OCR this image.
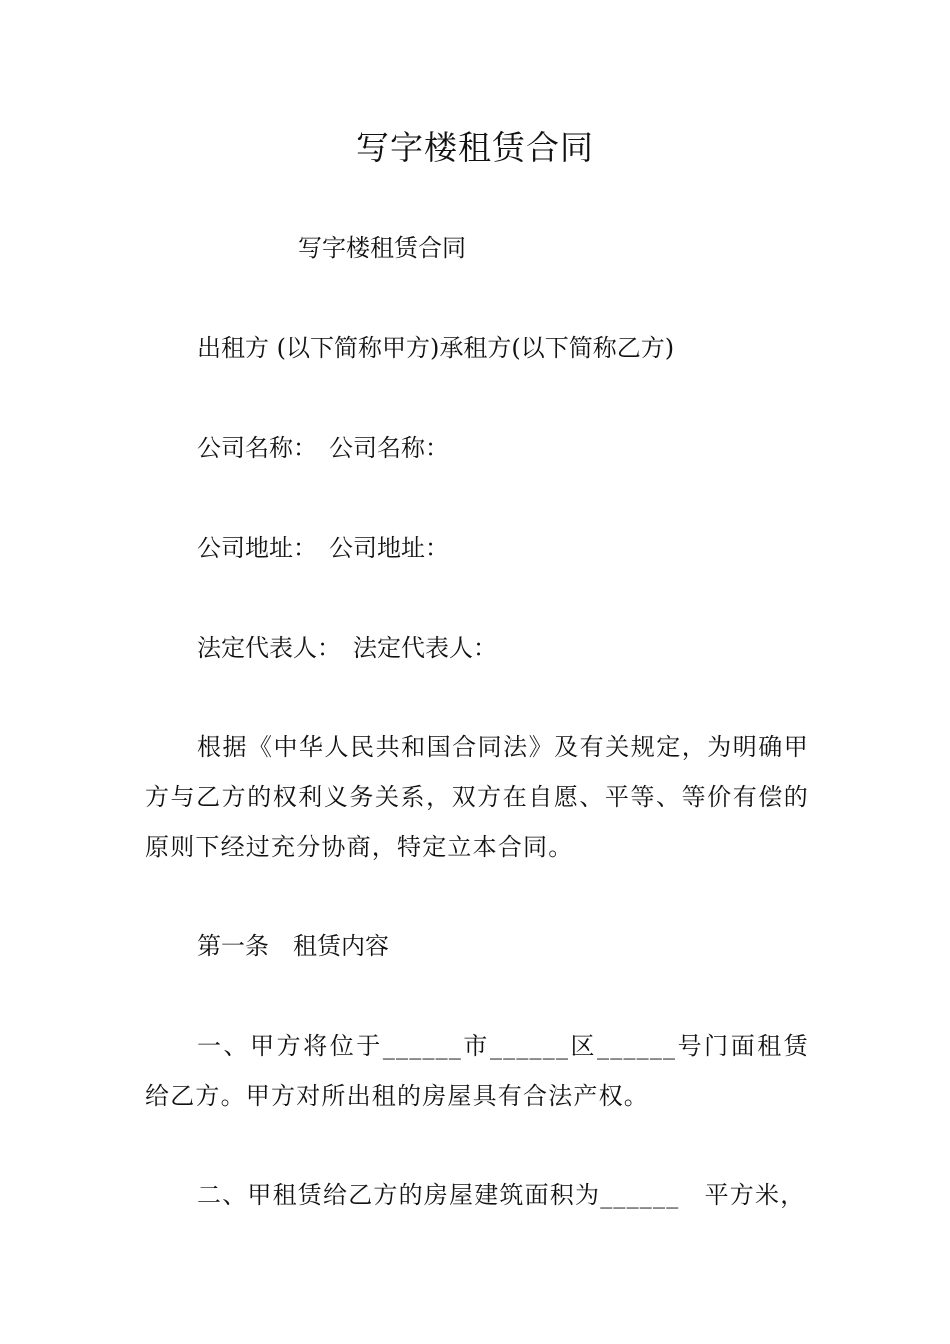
写字楼租赁合同

写字楼租赁合同

出租方 (以下简称甲方)承租方(以下简称乙方)

公司名称：　公司名称：

公司地址：　公司地址：

法定代表人：　法定代表人：

根据《中华人民共和国合同法》及有关规定，为明确甲方与乙方的权利义务关系，双方在自愿、平等、等价有偿的原则下经过充分协商，特定立本合同。

第一条　租赁内容

一、甲方将位于______市______区______号门面租赁给乙方。甲方对所出租的房屋具有合法产权。

二、甲租赁给乙方的房屋建筑面积为______　平方米，
